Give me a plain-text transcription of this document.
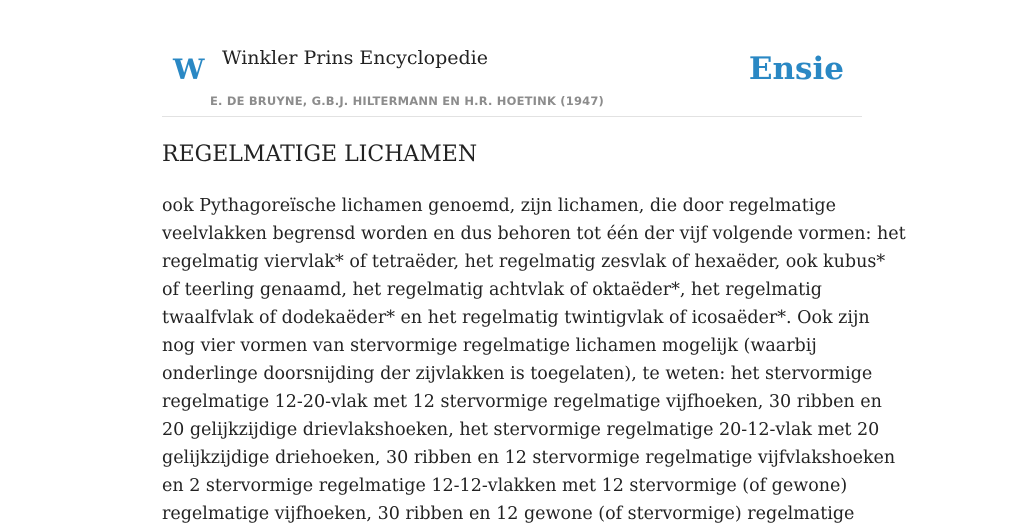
W Winkler Prins Encyclopedie
E. DE BRUYNE, G.B.J. HILTERMANN EN H.R. HOETINK (1947)
Ensie
REGELMATIGE LICHAMEN
ook Pythagoreïsche lichamen genoemd, zijn lichamen, die door regelmatige
veelvlakken begrensd worden en dus behoren tot één der vijf volgende vormen: het
regelmatig viervlak* of tetraëder, het regelmatig zesvlak of hexaëder, ook kubus*
of teerling genaamd, het regelmatig achtvlak of oktaëder*, het regelmatig
twaalfvlak of dodekaëder* en het regelmatig twintigvlak of icosaëder*. Ook zijn
nog vier vormen van stervormige regelmatige lichamen mogelijk (waarbij
onderlinge doorsnijding der zijvlakken is toegelaten), te weten: het stervormige
regelmatige 12-20-vlak met 12 stervormige regelmatige vijfhoeken, 30 ribben en
20 gelijkzijdige drievlakshoeken, het stervormige regelmatige 20-12-vlak met 20
gelijkzijdige driehoeken, 30 ribben en 12 stervormige regelmatige vijfvlakshoeken
en 2 stervormige regelmatige 12-12-vlakken met 12 stervormige (of gewone)
regelmatige vijfhoeken, 30 ribben en 12 gewone (of stervormige) regelmatige
